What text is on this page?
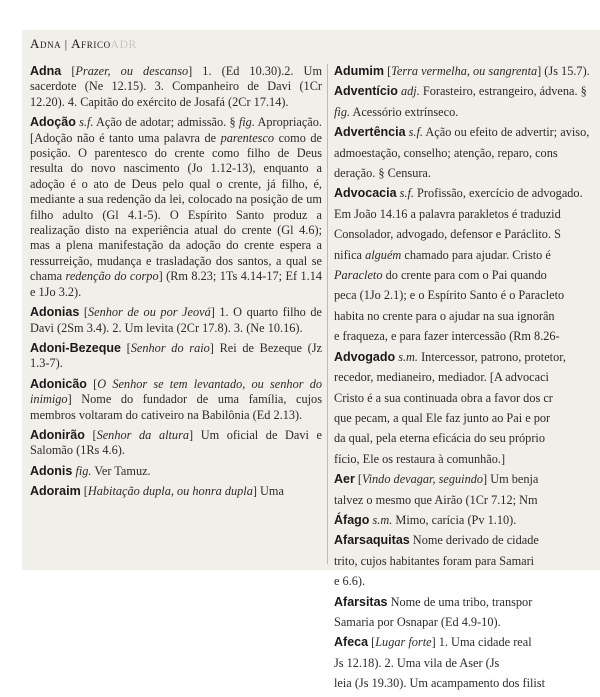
Adna | AfricoADR

Adna [Prazer, ou descanso] 1. (Ed 10.30).2. Um sacerdote (Ne 12.15). 3. Companheiro de Davi (1Cr 12.20). 4. Capitão do exército de Josafá (2Cr 17.14).

Adoção s.f. Ação de adotar; admissão. § fig. Apropriação. [Adoção não é tanto uma palavra de parentesco como de posição. O parentesco do crente como filho de Deus resulta do novo nascimento (Jo 1.12-13), enquanto a adoção é o ato de Deus pelo qual o crente, já filho, é, mediante a sua redenção da lei, colocado na posição de um filho adulto (Gl 4.1-5). O Espírito Santo produz a realização disto na experiência atual do crente (Gl 4.6); mas a plena manifestação da adoção do crente espera a ressurreição, mudança e trasladação dos santos, a qual se chama redenção do corpo] (Rm 8.23; 1Ts 4.14-17; Ef 1.14 e 1Jo 3.2).

Adonias [Senhor de ou por Jeová] 1. O quarto filho de Davi (2Sm 3.4). 2. Um levita (2Cr 17.8). 3. (Ne 10.16).

Adoni-Bezeque [Senhor do raio] Rei de Bezeque (Jz 1.3-7).

Adonicão [O Senhor se tem levantado, ou senhor do inimigo] Nome do fundador de uma família, cujos membros voltaram do cativeiro na Babilônia (Ed 2.13).

Adonirão [Senhor da altura] Um oficial de Davi e Salomão (1Rs 4.6).

Adonis fig. Ver Tamuz.

Adoraim [Habitação dupla, ou honra dupla] Uma

Adumim [Terra vermelha, ou sangrenta] (Js 15.7).

Adventício adj. Forasteiro, estrangeiro, ádvena. §

fig. Acessório extrínseco.

Advertência s.f. Ação ou efeito de advertir; aviso,

admoestação, conselho; atenção, reparo, cons

deração. § Censura.

Advocacia s.f. Profissão, exercício de advogado.

Em João 14.16 a palavra parakletos é traduzid

Consolador, advogado, defensor e Paráclito. S

nifica alguém chamado para ajudar. Cristo é

Paracleto do crente para com o Pai quando

peca (1Jo 2.1); e o Espírito Santo é o Paracleto

habita no crente para o ajudar na sua ignorân

e fraqueza, e para fazer intercessão (Rm 8.26-

Advogado s.m. Intercessor, patrono, protetor,

recedor, medianeiro, mediador. [A advocaci

Cristo é a sua continuada obra a favor dos cr

que pecam, a qual Ele faz junto ao Pai e por

da qual, pela eterna eficácia do seu próprio

fício, Ele os restaura à comunhão.]

Aer [Vindo devagar, seguindo] Um benja

talvez o mesmo que Airão (1Cr 7.12; Nm

Áfago s.m. Mimo, carícia (Pv 1.10).

Afarsaquitas Nome derivado de cidade

trito, cujos habitantes foram para Samari

e 6.6).

Afarsitas Nome de uma tribo, transpor

Samaria por Osnapar (Ed 4.9-10).

Afeca [Lugar forte] 1. Uma cidade real

Js 12.18). 2. Uma vila de Aser (Js

leia (Js 19.30). Um acampamento dos filist
